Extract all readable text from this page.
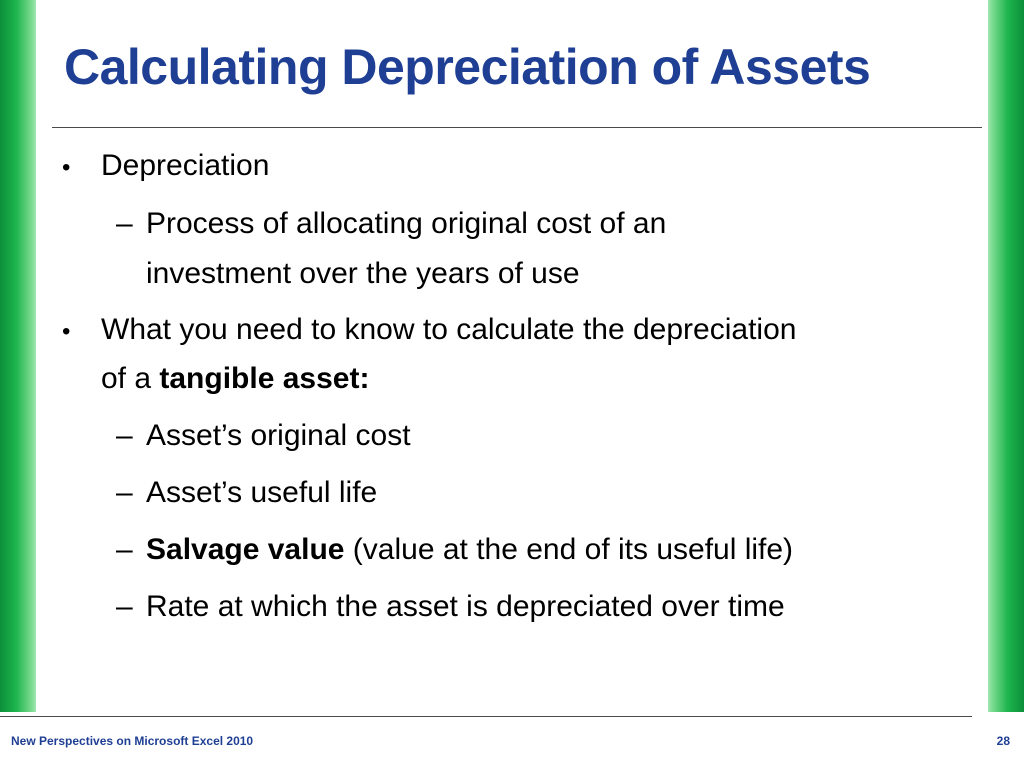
Calculating Depreciation of Assets
• Depreciation
– Process of allocating original cost of an
investment over the years of use
• What you need to know to calculate the depreciation
of a tangible asset:
– Asset’s original cost
– Asset’s useful life
– Salvage value (value at the end of its useful life)
– Rate at which the asset is depreciated over time
New Perspectives on Microsoft Excel 2010	28
